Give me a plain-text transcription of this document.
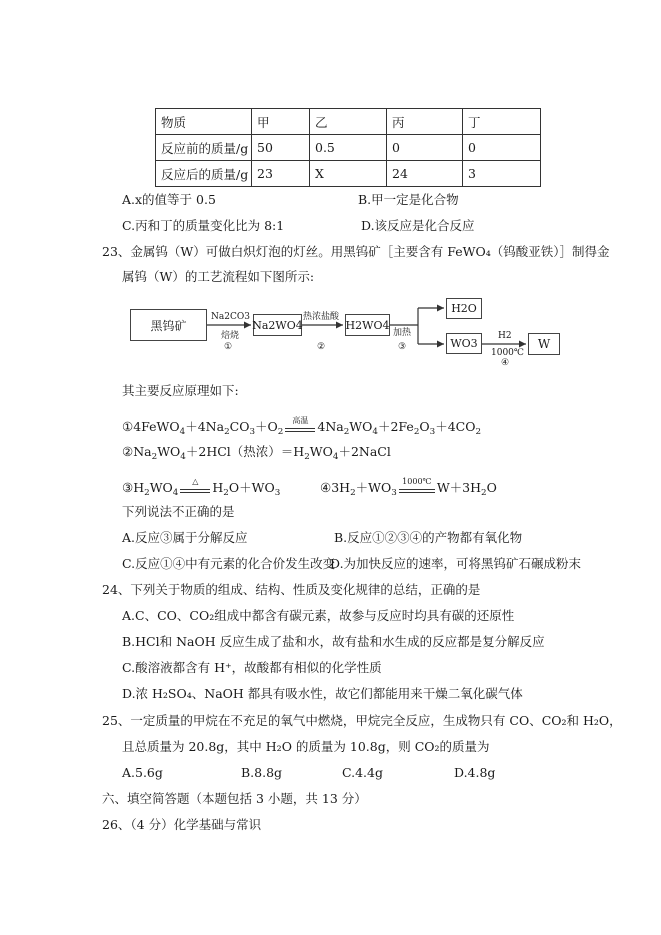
物质	甲	乙	丙	丁
反应前的质量/g	50	0.5	0	0
反应后的质量/g	23	X	24	3
A.x的值等于 0.5	B.甲一定是化合物
C.丙和丁的质量变化比为 8:1	D.该反应是化合反应
23、金属钨（W）可做白炽灯泡的灯丝。用黑钨矿［主要含有 FeWO₄（钨酸亚铁）］制得金
属钨（W）的工艺流程如下图所示:
黑钨矿
Na2CO3
焙烧
①
Na2WO4
热浓盐酸
②
H2WO4
加热
③
H2O
WO3
H2
1000℃
④
W
其主要反应原理如下:
$①4FeWO_4+4Na_2CO_3+O_2$
高温 $4Na_2WO_4+2Fe_2O_3+4CO_2$
$②Na_2WO_4+2HCl$（热浓）$=H_2WO_4+2NaCl$
$③H_2WO_4$
△	$H_2O+WO_3$	$④3H_2+WO_3$
1000℃ $W+3H_2O$
下列说法不正确的是
A.反应③属于分解反应	B.反应①②③④的产物都有氧化物
C.反应①④中有元素的化合价发生改变
D.为加快反应的速率，可将黑钨矿石碾成粉末
24、下列关于物质的组成、结构、性质及变化规律的总结，正确的是
A.C、CO、CO₂组成中都含有碳元素，故参与反应时均具有碳的还原性
B.HCl和 NaOH 反应生成了盐和水，故有盐和水生成的反应都是复分解反应
C.酸溶液都含有 H⁺，故酸都有相似的化学性质
D.浓 H₂SO₄、NaOH 都具有吸水性，故它们都能用来干燥二氧化碳气体
25、一定质量的甲烷在不充足的氧气中燃烧，甲烷完全反应，生成物只有 CO、CO₂和 H₂O，
且总质量为 20.8g，其中 H₂O 的质量为 10.8g，则 CO₂的质量为
A.5.6g	B.8.8g	C.4.4g	D.4.8g
六、填空简答题（本题包括 3 小题，共 13 分）
26、（4 分）化学基础与常识
